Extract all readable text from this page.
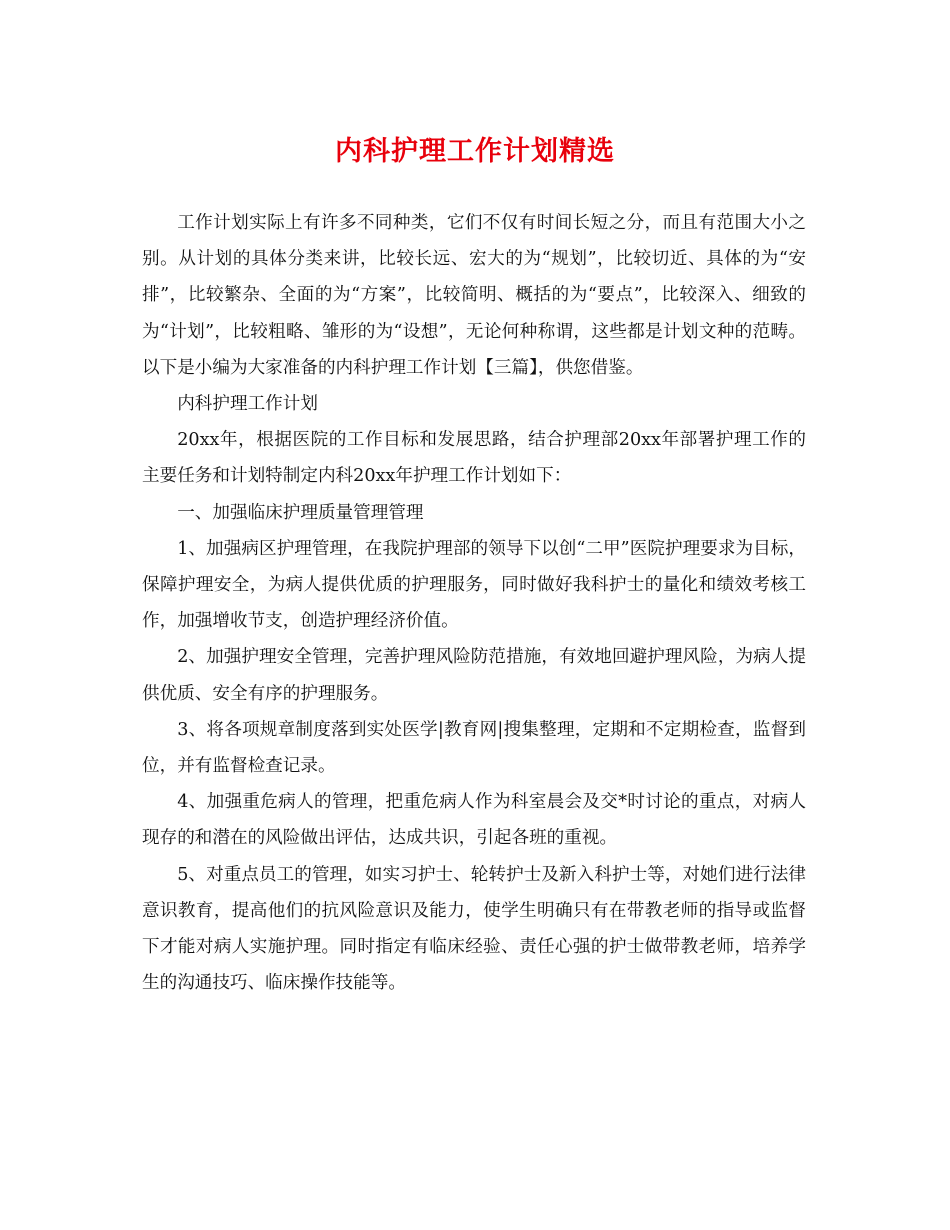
内科护理工作计划精选

工作计划实际上有许多不同种类，它们不仅有时间长短之分，而且有范围大小之别。从计划的具体分类来讲，比较长远、宏大的为“规划”，比较切近、具体的为“安排”，比较繁杂、全面的为“方案”，比较简明、概括的为“要点”，比较深入、细致的为“计划”，比较粗略、雏形的为“设想”，无论何种称谓，这些都是计划文种的范畴。以下是小编为大家准备的内科护理工作计划【三篇】，供您借鉴。

内科护理工作计划

20xx年，根据医院的工作目标和发展思路，结合护理部20xx年部署护理工作的主要任务和计划特制定内科20xx年护理工作计划如下：

一、加强临床护理质量管理管理

1、加强病区护理管理，在我院护理部的领导下以创“二甲”医院护理要求为目标，保障护理安全，为病人提供优质的护理服务，同时做好我科护士的量化和绩效考核工作，加强增收节支，创造护理经济价值。

2、加强护理安全管理，完善护理风险防范措施，有效地回避护理风险，为病人提供优质、安全有序的护理服务。

3、将各项规章制度落到实处医学|教育网|搜集整理，定期和不定期检查，监督到位，并有监督检查记录。

4、加强重危病人的管理，把重危病人作为科室晨会及交*时讨论的重点，对病人现存的和潜在的风险做出评估，达成共识，引起各班的重视。

5、对重点员工的管理，如实习护士、轮转护士及新入科护士等，对她们进行法律意识教育，提高他们的抗风险意识及能力，使学生明确只有在带教老师的指导或监督下才能对病人实施护理。同时指定有临床经验、责任心强的护士做带教老师，培养学生的沟通技巧、临床操作技能等。
